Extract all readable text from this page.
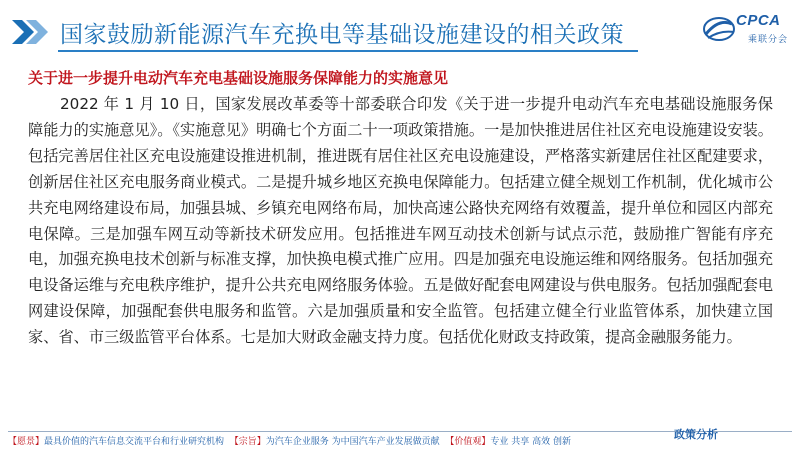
国家鼓励新能源汽车充换电等基础设施建设的相关政策
CPCA
乘联分会
关于进一步提升电动汽车充电基础设施服务保障能力的实施意见

2022 年 1 月 10 日，国家发展改革委等十部委联合印发《关于进一步提升电动汽车充电基础设施服务保障能力的实施意见》。《实施意见》明确七个方面二十一项政策措施。一是加快推进居住社区充电设施建设安装。包括完善居住社区充电设施建设推进机制，推进既有居住社区充电设施建设，严格落实新建居住社区配建要求，创新居住社区充电服务商业模式。二是提升城乡地区充换电保障能力。包括建立健全规划工作机制，优化城市公共充电网络建设布局，加强县城、乡镇充电网络布局，加快高速公路快充网络有效覆盖，提升单位和园区内部充电保障。三是加强车网互动等新技术研发应用。包括推进车网互动技术创新与试点示范，鼓励推广智能有序充电，加强充换电技术创新与标准支撑，加快换电模式推广应用。四是加强充电设施运维和网络服务。包括加强充电设备运维与充电秩序维护，提升公共充电网络服务体验。五是做好配套电网建设与供电服务。包括加强配套电网建设保障，加强配套供电服务和监管。六是加强质量和安全监管。包括建立健全行业监管体系，加快建立国家、省、市三级监管平台体系。七是加大财政金融支持力度。包括优化财政支持政策，提高金融服务能力。

【愿景】最具价值的汽车信息交流平台和行业研究机构 【宗旨】为汽车企业服务 为中国汽车产业发展做贡献 【价值观】专业 共享 高效 创新
政策分析
